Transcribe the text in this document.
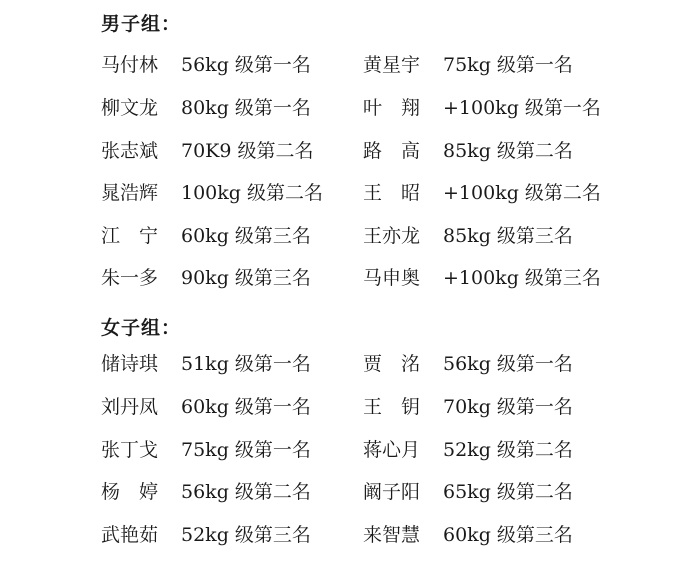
男子组：
马付林 56kg 级第一名	黄星宇 75kg 级第一名
柳文龙 80kg 级第一名	叶　翔 +100kg 级第一名
张志斌 70K9 级第二名	路　高 85kg 级第二名
晁浩辉 100kg 级第二名 王　昭 +100kg 级第二名
江　宁 60kg 级第三名	王亦龙 85kg 级第三名
朱一多 90kg 级第三名	马申奥 +100kg 级第三名
女子组：
储诗琪 51kg 级第一名	贾　洺 56kg 级第一名
刘丹凤 60kg 级第一名	王　钥 70kg 级第一名
张丁戈 75kg 级第一名	蒋心月 52kg 级第二名
杨　婷 56kg 级第二名	阚子阳 65kg 级第二名
武艳茹 52kg 级第三名	来智慧 60kg 级第三名
